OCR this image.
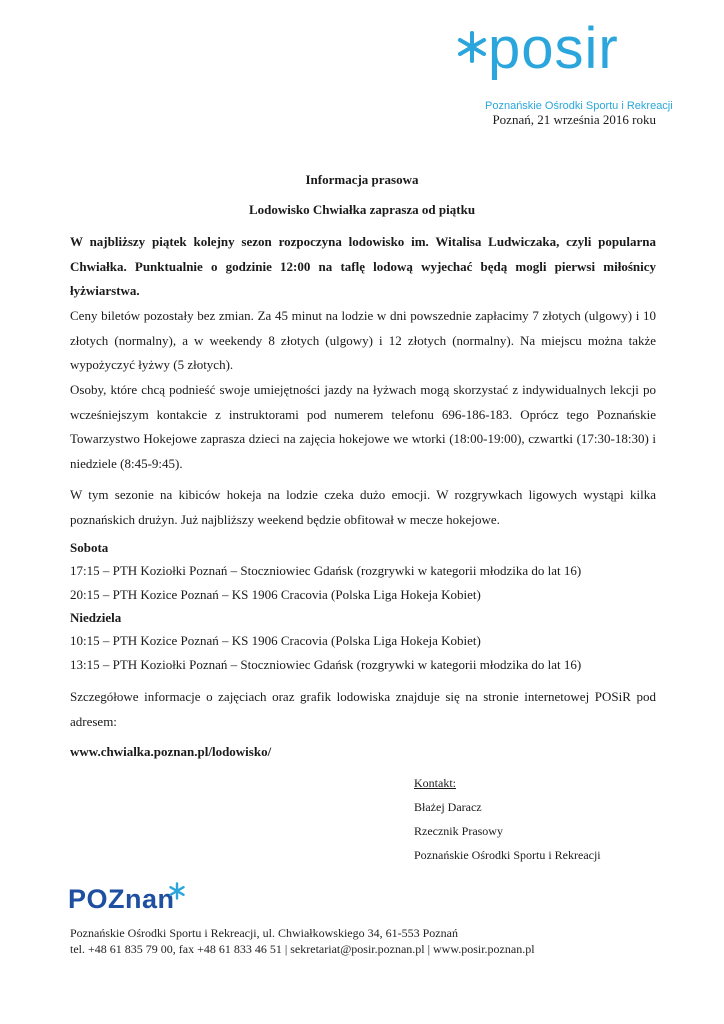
posir
Poznańskie Ośrodki Sportu i Rekreacji
Poznań, 21 września 2016 roku
Informacja prasowa
Lodowisko Chwiałka zaprasza od piątku
W najbliższy piątek kolejny sezon rozpoczyna lodowisko im. Witalisa Ludwiczaka, czyli popularna Chwiałka. Punktualnie o godzinie 12:00 na taflę lodową wyjechać będą mogli pierwsi miłośnicy łyżwiarstwa.
Ceny biletów pozostały bez zmian. Za 45 minut na lodzie w dni powszednie zapłacimy 7 złotych (ulgowy) i 10 złotych (normalny), a w weekendy 8 złotych (ulgowy) i 12 złotych (normalny). Na miejscu można także wypożyczyć łyżwy (5 złotych).
Osoby, które chcą podnieść swoje umiejętności jazdy na łyżwach mogą skorzystać z indywidualnych lekcji po wcześniejszym kontakcie z instruktorami pod numerem telefonu 696-186-183. Oprócz tego Poznańskie Towarzystwo Hokejowe zaprasza dzieci na zajęcia hokejowe we wtorki (18:00-19:00), czwartki (17:30-18:30) i niedziele (8:45-9:45).
W tym sezonie na kibiców hokeja na lodzie czeka dużo emocji. W rozgrywkach ligowych wystąpi kilka poznańskich drużyn. Już najbliższy weekend będzie obfitował w mecze hokejowe.
Sobota
17:15 – PTH Koziołki Poznań – Stoczniowiec Gdańsk (rozgrywki w kategorii młodzika do lat 16)
20:15 – PTH Kozice Poznań – KS 1906 Cracovia (Polska Liga Hokeja Kobiet)
Niedziela
10:15 – PTH Kozice Poznań – KS 1906 Cracovia (Polska Liga Hokeja Kobiet)
13:15 – PTH Koziołki Poznań – Stoczniowiec Gdańsk (rozgrywki w kategorii młodzika do lat 16)
Szczegółowe informacje o zajęciach oraz grafik lodowiska znajduje się na stronie internetowej POSiR pod adresem:
www.chwialka.poznan.pl/lodowisko/
Kontakt:
Błażej Daracz
Rzecznik Prasowy
Poznańskie Ośrodki Sportu i Rekreacji
POZnan
Poznańskie Ośrodki Sportu i Rekreacji, ul. Chwiałkowskiego 34, 61-553 Poznań
tel. +48 61 835 79 00, fax +48 61 833 46 51 | sekretariat@posir.poznan.pl | www.posir.poznan.pl
